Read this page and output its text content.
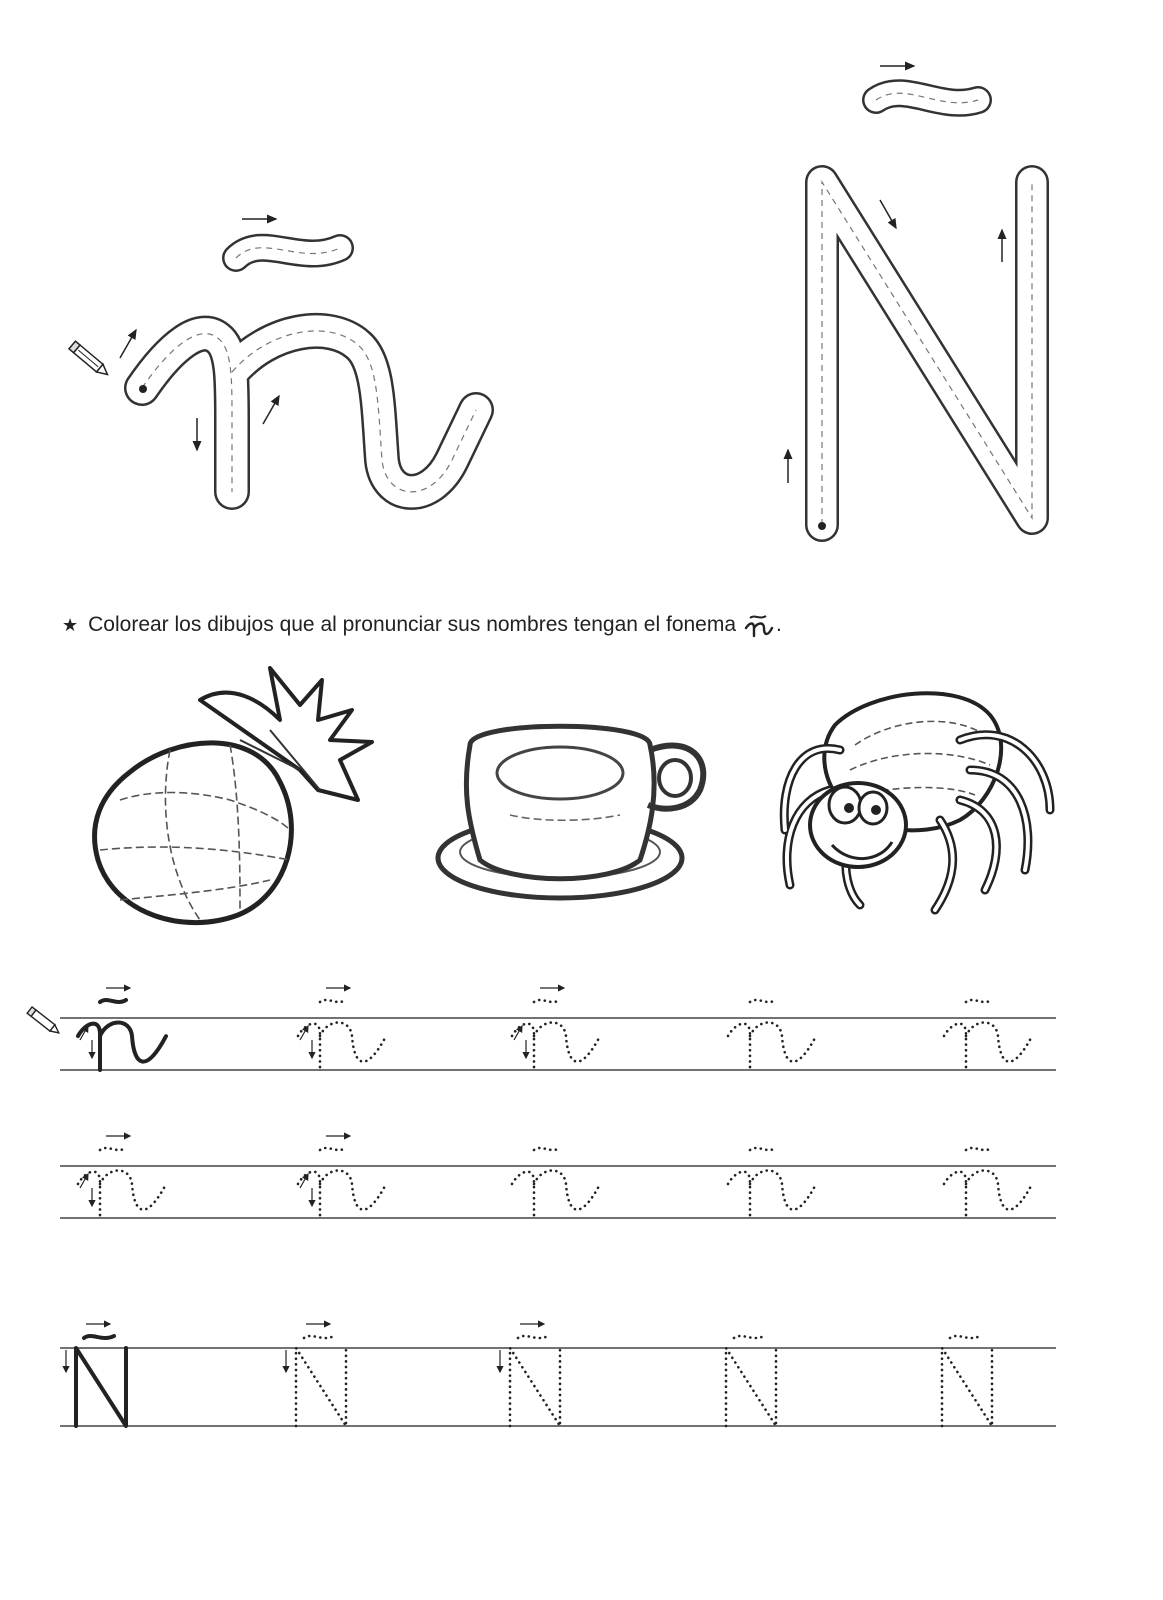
★ Colorear los dibujos que al pronunciar sus nombres tengan el fonema .
